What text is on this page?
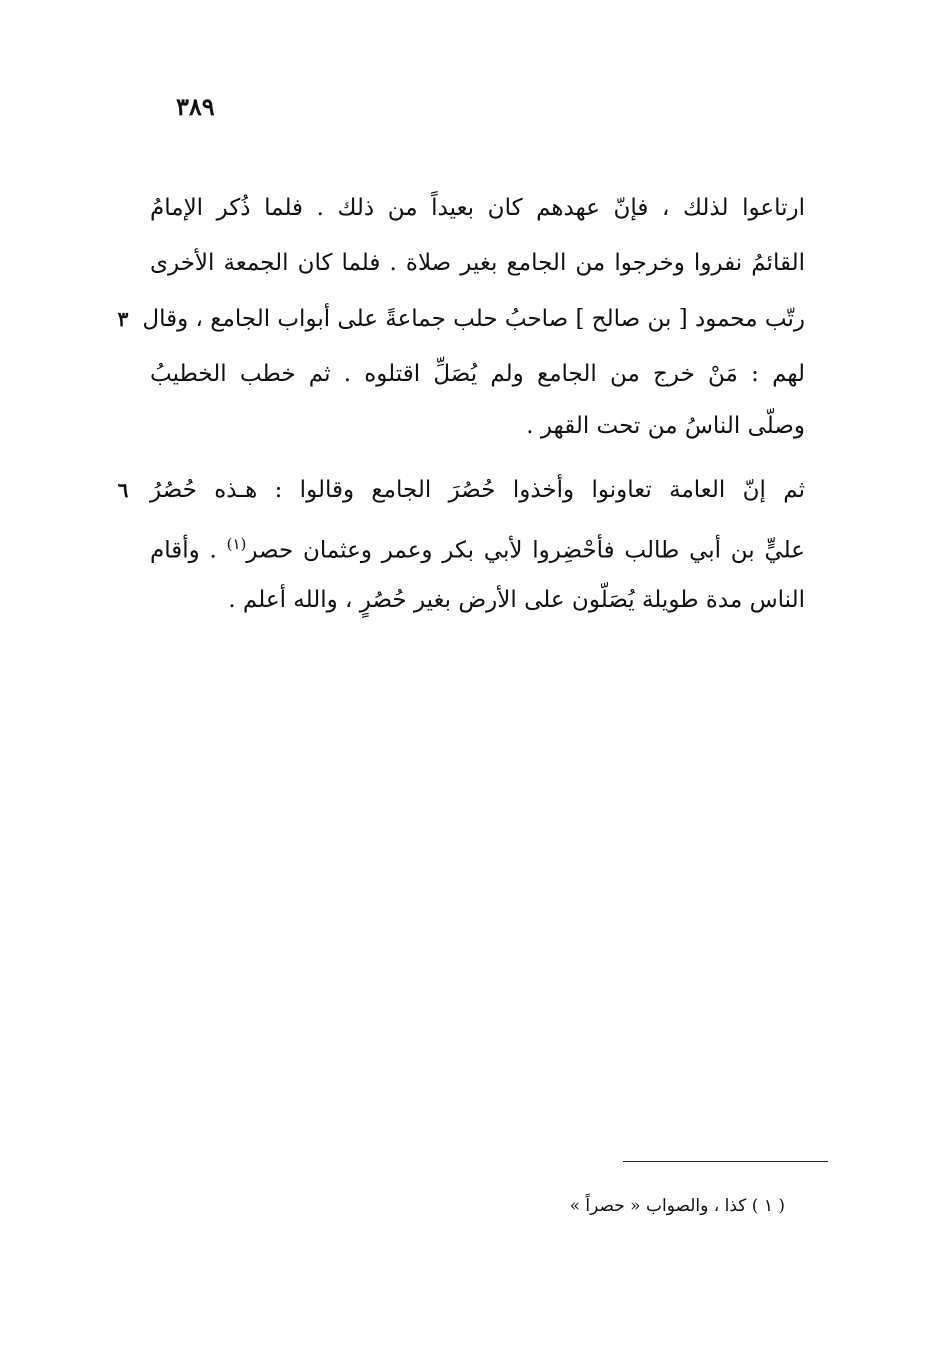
٣٨٩
ارتاعوا لذلك ، فإنّ عهدهم كان بعيداً من ذلك . فلما ذُكر الإمامُ
القائمُ نفروا وخرجوا من الجامع بغير صلاة . فلما كان الجمعة الأخرى
رتّب محمود [ بن صالح ] صاحبُ حلب جماعةً على أبواب الجامع ، وقال
لهم : مَنْ خرج من الجامع ولم يُصَلِّ اقتلوه . ثم خطب الخطيبُ
وصلّى الناسُ من تحت القهر .
٣
ثم إنّ العامة تعاونوا وأخذوا حُصُرَ الجامع وقالوا : هـذه حُصُرُ
عليٍّ بن أبي طالب فأحْضِروا لأبي بكر وعمر وعثمان حصر$^{(١)}$ . وأقام
الناس مدة طويلة يُصَلّون على الأرض بغير حُصُرٍ ، والله أعلم .
٦
( ١ ) كذا ، والصواب « حصراً »
